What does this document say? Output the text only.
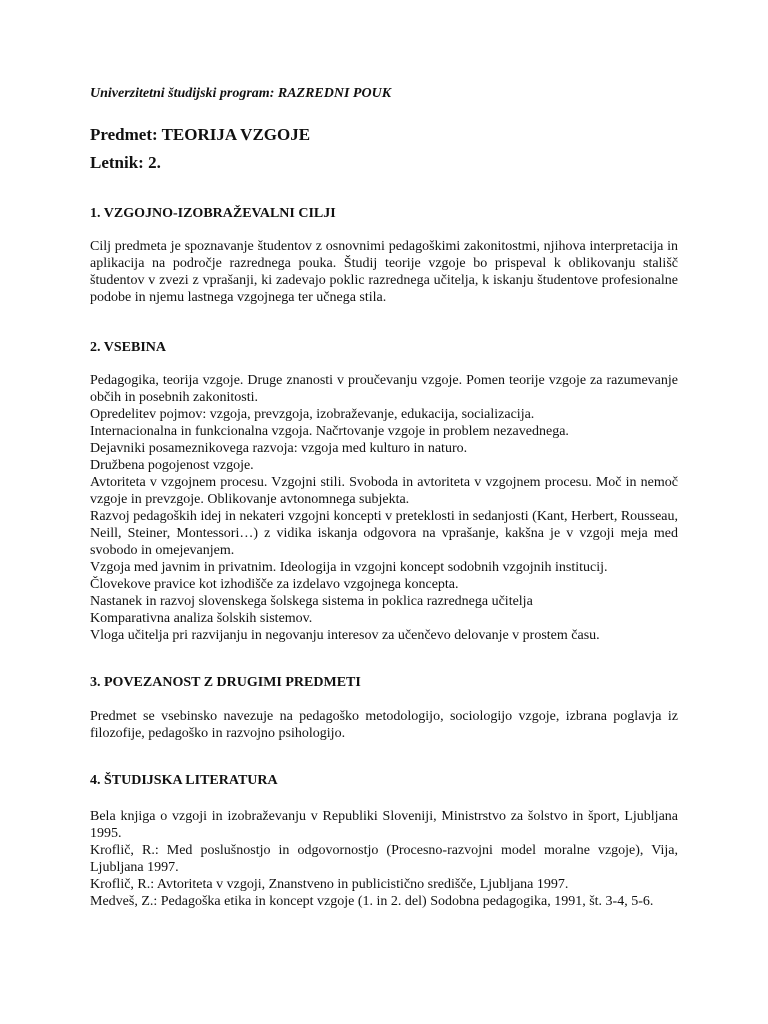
Univerzitetni študijski program: RAZREDNI POUK
Predmet: TEORIJA VZGOJE
Letnik: 2.
1. VZGOJNO-IZOBRAŽEVALNI CILJI
Cilj predmeta je spoznavanje študentov z osnovnimi pedagoškimi zakonitostmi, njihova interpretacija in aplikacija na področje razrednega pouka. Študij teorije vzgoje bo prispeval k oblikovanju stališč študentov v zvezi z vprašanji, ki zadevajo poklic razrednega učitelja, k iskanju študentove profesionalne podobe in njemu lastnega vzgojnega ter učnega stila.
2. VSEBINA
Pedagogika, teorija vzgoje. Druge znanosti v proučevanju vzgoje. Pomen teorije vzgoje za razumevanje občih in posebnih zakonitosti.
Opredelitev pojmov: vzgoja, prevzgoja, izobraževanje, edukacija, socializacija.
Internacionalna in funkcionalna vzgoja. Načrtovanje vzgoje in problem nezavednega.
Dejavniki posameznikovega razvoja: vzgoja med kulturo in naturo.
Družbena pogojenost vzgoje.
Avtoriteta v vzgojnem procesu. Vzgojni stili. Svoboda in avtoriteta v vzgojnem procesu. Moč in nemoč vzgoje in prevzgoje. Oblikovanje avtonomnega subjekta.
Razvoj pedagoških idej in nekateri vzgojni koncepti v preteklosti in sedanjosti (Kant, Herbert, Rousseau, Neill, Steiner, Montessori…) z vidika iskanja odgovora na vprašanje, kakšna je v vzgoji meja med svobodo in omejevanjem.
Vzgoja med javnim in privatnim. Ideologija in vzgojni koncept sodobnih vzgojnih institucij.
Človekove pravice kot izhodišče za izdelavo vzgojnega koncepta.
Nastanek in razvoj slovenskega šolskega sistema in poklica razrednega učitelja
Komparativna analiza šolskih sistemov.
Vloga učitelja pri razvijanju in negovanju interesov za učenčevo delovanje v prostem času.
3. POVEZANOST Z DRUGIMI PREDMETI
Predmet se vsebinsko navezuje na pedagoško metodologijo, sociologijo vzgoje, izbrana poglavja iz filozofije, pedagoško in razvojno psihologijo.
4. ŠTUDIJSKA LITERATURA
Bela knjiga o vzgoji in izobraževanju v Republiki Sloveniji, Ministrstvo za šolstvo in šport, Ljubljana 1995.
Kroflič, R.: Med poslušnostjo in odgovornostjo (Procesno-razvojni model moralne vzgoje), Vija, Ljubljana 1997.
Kroflič, R.: Avtoriteta v vzgoji, Znanstveno in publicistično središče, Ljubljana 1997.
Medveš, Z.: Pedagoška etika in koncept vzgoje (1. in 2. del) Sodobna pedagogika, 1991, št. 3-4, 5-6.
